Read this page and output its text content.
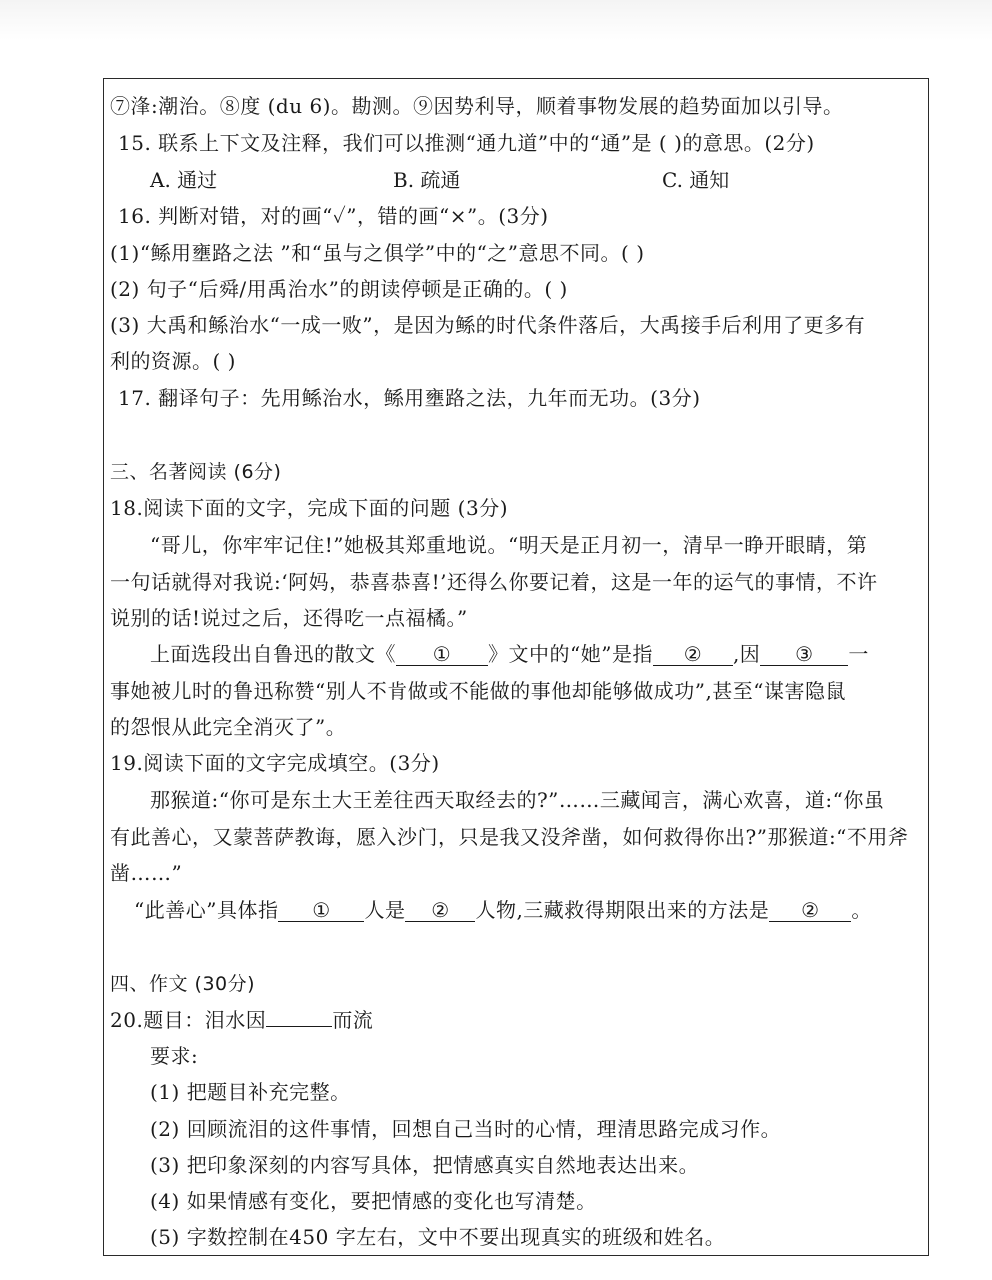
⑦浲:潮治。⑧度 (du 6)。勘测。⑨因势利导，顺着事物发展的趋势面加以引导。
15. 联系上下文及注释，我们可以推测“通九道”中的“通”是 ( )的意思。(2分)
A. 通过	B. 疏通	C. 通知
16. 判断对错，对的画“✓”，错的画“×”。(3分)
(1)“鲧用壅路之法 ”和“虽与之俱学”中的“之”意思不同。( )
(2) 句子“后舜/用禹治水”的朗读停顿是正确的。( )
(3) 大禹和鲧治水“一成一败”，是因为鲧的时代条件落后，大禹接手后利用了更多有
利的资源。( )
17. 翻译句子：先用鲧治水，鲧用壅路之法，九年而无功。(3分)
三、名著阅读 (6分)
18.阅读下面的文字，完成下面的问题 (3分)
“哥儿，你牢牢记住!”她极其郑重地说。“明天是正月初一，清早一睁开眼睛，第
一句话就得对我说:‘阿妈，恭喜恭喜!’还得么你要记着，这是一年的运气的事情，不许
说别的话!说过之后，还得吃一点福橘。”
上面选段出自鲁迅的散文《 ① 》文中的“她”是指 ② ,因 ③ 一
事她被儿时的鲁迅称赞“别人不肯做或不能做的事他却能够做成功”,甚至“谋害隐鼠
的怨恨从此完全消灭了”。
19.阅读下面的文字完成填空。(3分)
那猴道:“你可是东土大王差往西天取经去的?”……三藏闻言，满心欢喜，道:“你虽
有此善心，又蒙菩萨教诲，愿入沙门，只是我又没斧凿，如何救得你出?”那猴道:“不用斧
凿……”
“此善心”具体指 ① 人是 ② 人物,三藏救得期限出来的方法是 ② 。
四、作文 (30分)
20.题目：泪水因	而流
要求:
(1) 把题目补充完整。
(2) 回顾流泪的这件事情，回想自己当时的心情，理清思路完成习作。
(3) 把印象深刻的内容写具体，把情感真实自然地表达出来。
(4) 如果情感有变化，要把情感的变化也写清楚。
(5) 字数控制在450 字左右，文中不要出现真实的班级和姓名。
